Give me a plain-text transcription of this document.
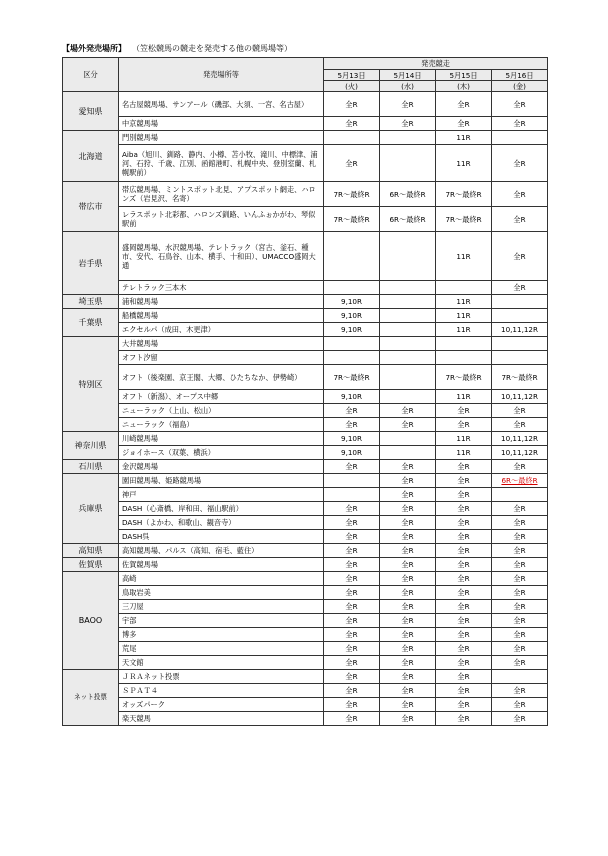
【場外発売場所】 （笠松競馬の競走を発売する他の競馬場等）
区分	発売場所等	発売競走			
		5月13日	5月14日	5月15日	5月16日
		(火)	(水)	(木)	(金)
愛知県	名古屋競馬場、サンアール（磯部、大須、一宮、名古屋）	全R	全R	全R	全R
	中京競馬場	全R	全R	全R	全R
北海道	門別競馬場			11R	
	Aiba（旭川、釧路、静内、小樽、苫小牧、滝川、中標津、浦河、石狩、千歳、江別、函館港町、札幌中央、登別室蘭、札幌駅前）	全R		11R	全R
帯広市	帯広競馬場、ミントスポット北見、アプスポット網走、ハロンズ（岩見沢、名寄）	7R～最終R	6R～最終R	7R～最終R	全R
	レラスポット北彩都、ハロンズ釧路、いんふぉかがわ、琴似駅前	7R～最終R	6R～最終R	7R～最終R	全R
岩手県	盛岡競馬場、水沢競馬場、テレトラック（宮古、釜石、種市、安代、石鳥谷、山本、横手、十和田）、UMACCO盛岡大通			11R	全R
	テレトラック三本木				全R
埼玉県	浦和競馬場	9,10R		11R	
千葉県	船橋競馬場	9,10R		11R	
	エクセルパ（成田、木更津）	9,10R		11R	10,11,12R
特別区	大井競馬場				
	オフト汐留				
	オフト（後楽園、京王閣、大郷、ひたちなか、伊勢崎）	7R～最終R		7R～最終R	7R～最終R
	オフト（新潟）、オープス中郷	9,10R		11R	10,11,12R
	ニューラック（上山、松山）	全R	全R	全R	全R
	ニューラック（福島）	全R	全R	全R	全R
神奈川県	川崎競馬場	9,10R		11R	10,11,12R
	ジョイホース（双葉、横浜）	9,10R		11R	10,11,12R
石川県	金沢競馬場	全R	全R	全R	全R
兵庫県	園田競馬場、姫路競馬場		全R	全R	6R～最終R
	神戸		全R	全R	
	DASH（心斎橋、岸和田、福山駅前）	全R	全R	全R	全R
	DASH（よかわ、和歌山、観音寺）	全R	全R	全R	全R
	DASH呉	全R	全R	全R	全R
高知県	高知競馬場、パルス（高知、宿毛、藍住）	全R	全R	全R	全R
佐賀県	佐賀競馬場	全R	全R	全R	全R
BAOO	高崎	全R	全R	全R	全R
	鳥取岩美	全R	全R	全R	全R
	三刀屋	全R	全R	全R	全R
	宇部	全R	全R	全R	全R
	博多	全R	全R	全R	全R
	荒尾	全R	全R	全R	全R
	天文館	全R	全R	全R	全R
ネット投票	ＪＲＡネット投票	全R	全R	全R	
	ＳＰＡＴ４	全R	全R	全R	全R
	オッズパーク	全R	全R	全R	全R
	楽天競馬	全R	全R	全R	全R
